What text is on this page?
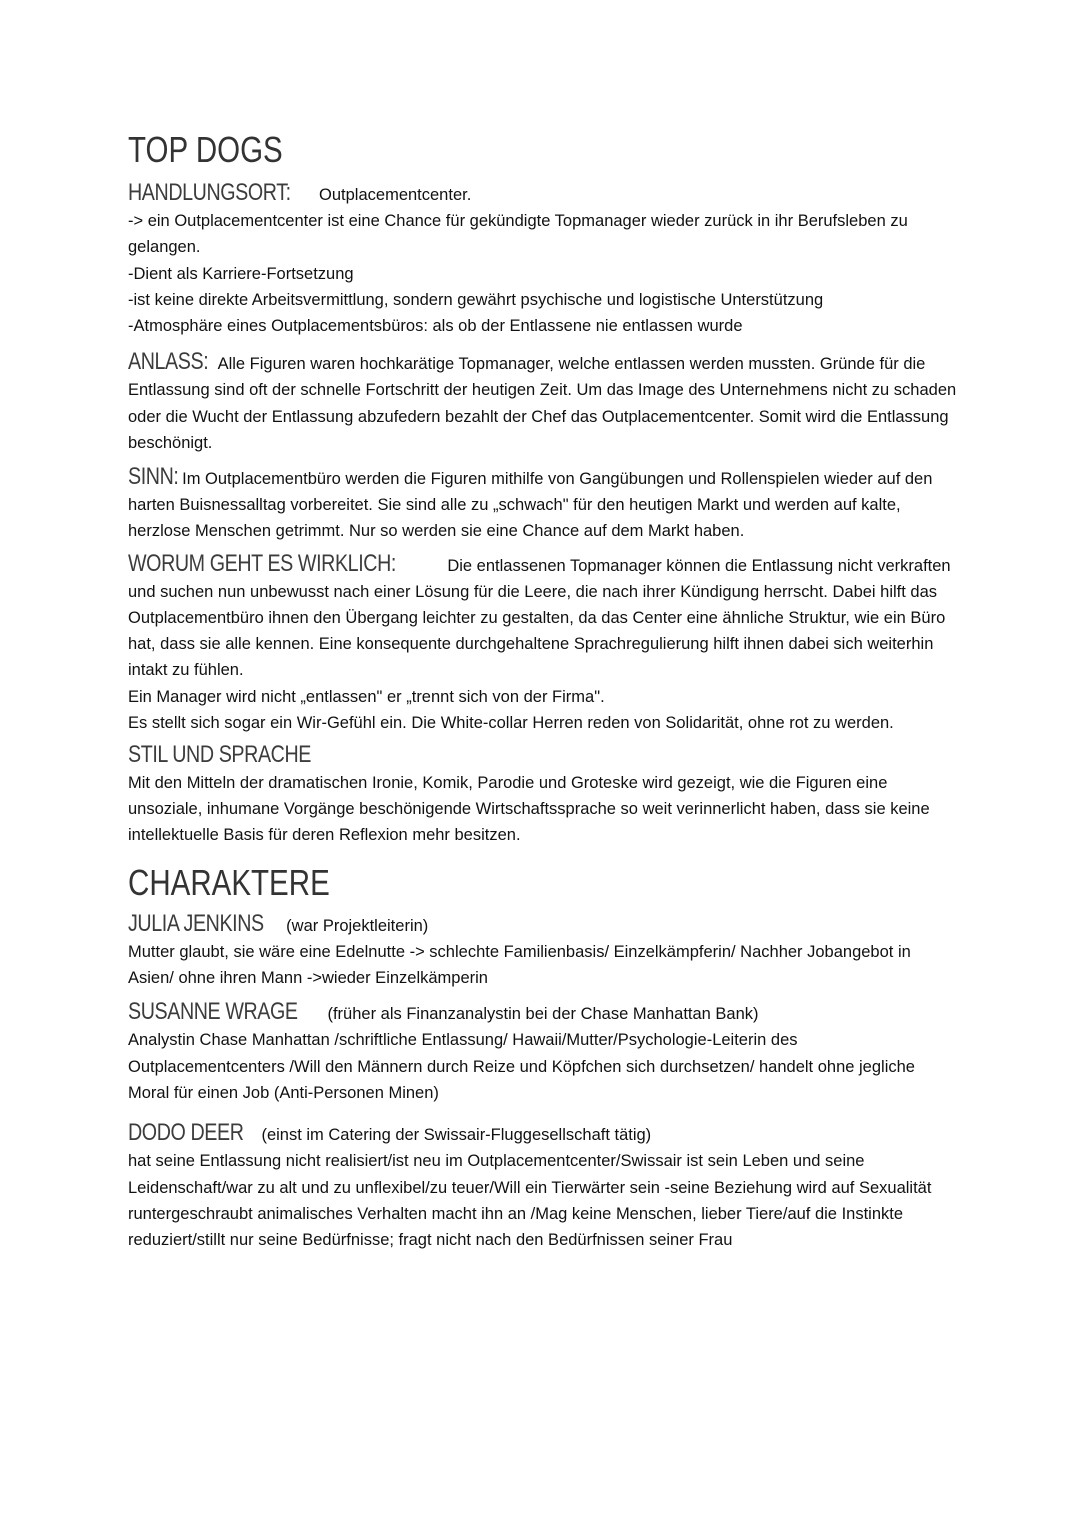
TOP DOGS

HANDLUNGSORT: Outplacementcenter.

-> ein Outplacementcenter ist eine Chance für gekündigte Topmanager wieder zurück in ihr Berufsleben zu gelangen.
-Dient als Karriere-Fortsetzung
-ist keine direkte Arbeitsvermittlung, sondern gewährt psychische und logistische Unterstützung
-Atmosphäre eines Outplacementsbüros: als ob der Entlassene nie entlassen wurde

ANLASS: Alle Figuren waren hochkarätige Topmanager, welche entlassen werden mussten. Gründe für die Entlassung sind oft der schnelle Fortschritt der heutigen Zeit. Um das Image des Unternehmens nicht zu schaden oder die Wucht der Entlassung abzufedern bezahlt der Chef das Outplacementcenter. Somit wird die Entlassung beschönigt.

SINN: Im Outplacementbüro werden die Figuren mithilfe von Gangübungen und Rollenspielen wieder auf den harten Buisnessalltag vorbereitet. Sie sind alle zu „schwach" für den heutigen Markt und werden auf kalte, herzlose Menschen getrimmt. Nur so werden sie eine Chance auf dem Markt haben.

WORUM GEHT ES WIRKLICH:	Die entlassenen Topmanager können die Entlassung nicht verkraften und suchen nun unbewusst nach einer Lösung für die Leere, die nach ihrer Kündigung herrscht. Dabei hilft das Outplacementbüro ihnen den Übergang leichter zu gestalten, da das Center eine ähnliche Struktur, wie ein Büro hat, dass sie alle kennen. Eine konsequente durchgehaltene Sprachregulierung hilft ihnen dabei sich weiterhin intakt zu fühlen.

Ein Manager wird nicht „entlassen" er „trennt sich von der Firma".
Es stellt sich sogar ein Wir-Gefühl ein. Die White-collar Herren reden von Solidarität, ohne rot zu werden.

STIL UND SPRACHE

Mit den Mitteln der dramatischen Ironie, Komik, Parodie und Groteske wird gezeigt, wie die Figuren eine unsoziale, inhumane Vorgänge beschönigende Wirtschaftssprache so weit verinnerlicht haben, dass sie keine intellektuelle Basis für deren Reflexion mehr besitzen.

CHARAKTERE

JULIA JENKINS (war Projektleiterin)

Mutter glaubt, sie wäre eine Edelnutte -> schlechte Familienbasis/ Einzelkämpferin/ Nachher Jobangebot in Asien/ ohne ihren Mann ->wieder Einzelkämperin

SUSANNE WRAGE (früher als Finanzanalystin bei der Chase Manhattan Bank)

Analystin Chase Manhattan /schriftliche Entlassung/ Hawaii/Mutter/Psychologie-Leiterin des Outplacementcenters /Will den Männern durch Reize und Köpfchen sich durchsetzen/ handelt ohne jegliche Moral für einen Job (Anti-Personen Minen)

DODO DEER (einst im Catering der Swissair-Fluggesellschaft tätig)

hat seine Entlassung nicht realisiert/ist neu im Outplacementcenter/Swissair ist sein Leben und seine Leidenschaft/war zu alt und zu unflexibel/zu teuer/Will ein Tierwärter sein -seine Beziehung wird auf Sexualität runtergeschraubt animalisches Verhalten macht ihn an /Mag keine Menschen, lieber Tiere/auf die Instinkte reduziert/stillt nur seine Bedürfnisse; fragt nicht nach den Bedürfnissen seiner Frau
